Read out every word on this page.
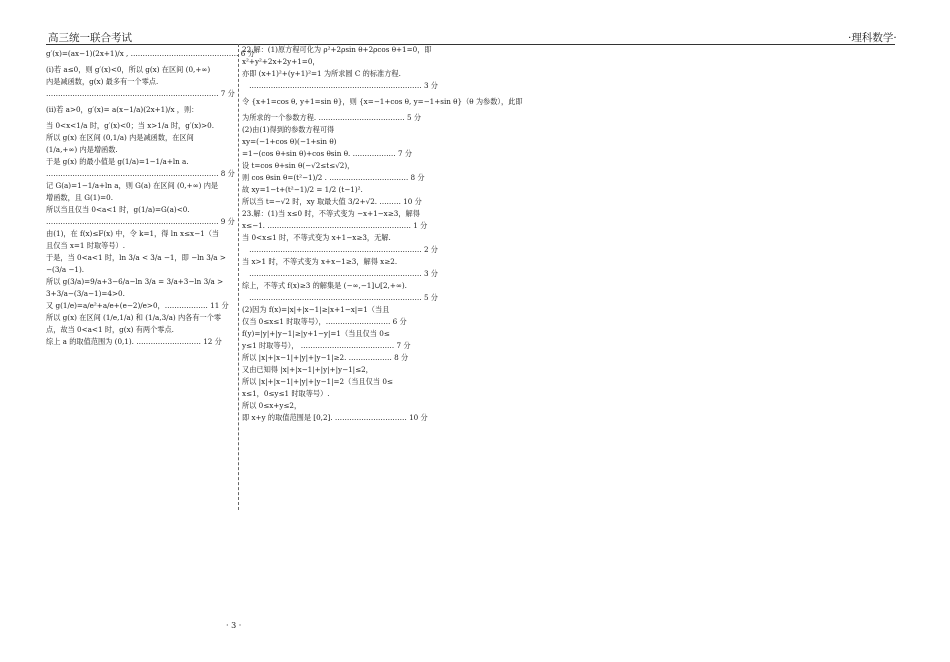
高三统一联合考试	·理科数学·
g′(x)=(ax−1)(2x+1)/x , ……………………………………… 6 分
(i)若 a≤0，则 g′(x)<0，所以 g(x) 在区间 (0,+∞)
内是减函数，g(x) 最多有一个零点.
……………………………………………………………… 7 分
(ii)若 a>0，g′(x)= a(x−1/a)(2x+1)/x ，则：
当 0<x<1/a 时，g′(x)<0；当 x>1/a 时，g′(x)>0.
所以 g(x) 在区间 (0,1/a) 内是减函数，在区间
(1/a,+∞) 内是增函数.
于是 g(x) 的最小值是 g(1/a)=1−1/a+ln a.
……………………………………………………………… 8 分
记 G(a)=1−1/a+ln a，则 G(a) 在区间 (0,+∞) 内是
增函数，且 G(1)=0.
所以当且仅当 0<a<1 时，g(1/a)=G(a)<0.
……………………………………………………………… 9 分
由(1)，在 f(x)≤F(x) 中，令 k=1，得 ln x≤x−1（当
且仅当 x=1 时取等号）.
于是，当 0<a<1 时，ln 3/a < 3/a −1，即 −ln 3/a >
−(3/a −1).
所以 g(3/a)=9/a+3−6/a−ln 3/a = 3/a+3−ln 3/a >
3+3/a−(3/a−1)=4>0.
又 g(1/e)=a/e²+a/e+(e−2)/e>0，……………… 11 分
所以 g(x) 在区间 (1/e,1/a) 和 (1/a,3/a) 内各有一个零
点，故当 0<a<1 时，g(x) 有两个零点.
综上 a 的取值范围为 (0,1). ……………………… 12 分
22.解：(1)原方程可化为 ρ²+2ρsin θ+2ρcos θ+1=0，即
x²+y²+2x+2y+1=0，
亦即 (x+1)²+(y+1)²=1 为所求圆 C 的标准方程.
……………………………………………………………… 3 分
令 {x+1=cos θ, y+1=sin θ}，则 {x=−1+cos θ, y=−1+sin θ}（θ 为参数），此即
为所求的一个参数方程. ……………………………… 5 分
(2)由(1)得到的参数方程可得
xy=(−1+cos θ)(−1+sin θ)
=1−(cos θ+sin θ)+cos θsin θ. ……………… 7 分
设 t=cos θ+sin θ(−√2≤t≤√2)，
则 cos θsin θ=(t²−1)/2 . …………………………… 8 分
故 xy=1−t+(t²−1)/2 = 1/2 (t−1)².
所以当 t=−√2 时，xy 取最大值 3/2+√2. ……… 10 分
23.解：(1)当 x≤0 时，不等式变为 −x+1−x≥3，解得
x≤−1. …………………………………………………… 1 分
当 0<x≤1 时，不等式变为 x+1−x≥3，无解.
……………………………………………………………… 2 分
当 x>1 时，不等式变为 x+x−1≥3，解得 x≥2.
……………………………………………………………… 3 分
综上，不等式 f(x)≥3 的解集是 (−∞,−1]∪[2,+∞).
……………………………………………………………… 5 分
(2)因为 f(x)=|x|+|x−1|≥|x+1−x|=1（当且
仅当 0≤x≤1 时取等号），……………………… 6 分
f(y)=|y|+|y−1|≥|y+1−y|=1（当且仅当 0≤
y≤1 时取等号）， ………………………………… 7 分
所以 |x|+|x−1|+|y|+|y−1|≥2. ……………… 8 分
又由已知得 |x|+|x−1|+|y|+|y−1|≤2，
所以 |x|+|x−1|+|y|+|y−1|=2（当且仅当 0≤
x≤1，0≤y≤1 时取等号）.
所以 0≤x+y≤2，
即 x+y 的取值范围是 [0,2]. ………………………… 10 分
· 3 ·
